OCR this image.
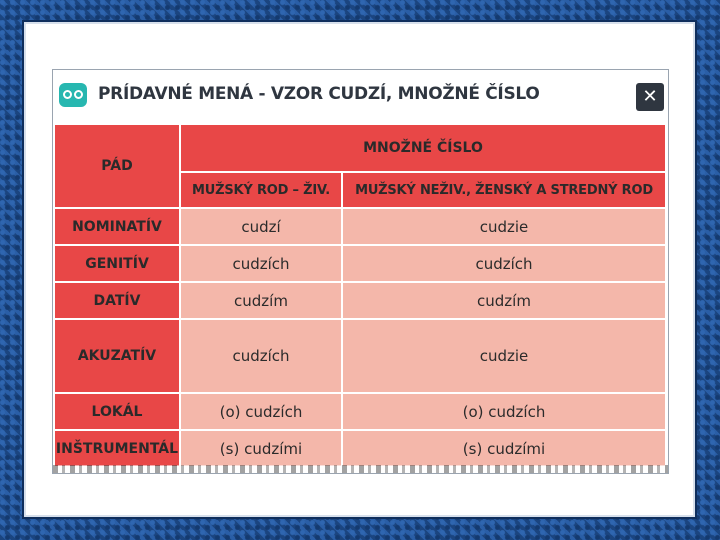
PRÍDAVNÉ MENÁ - VZOR CUDZÍ, MNOŽNÉ ČÍSLO	✕
PÁD	MNOŽNÉ ČÍSLO	
	MUŽSKÝ ROD – ŽIV.	MUŽSKÝ NEŽIV., ŽENSKÝ A STREDNÝ ROD
NOMINATÍV	cudzí	cudzie
GENITÍV	cudzích	cudzích
DATÍV	cudzím	cudzím
AKUZATÍV	cudzích	cudzie
LOKÁL	(o) cudzích	(o) cudzích
INŠTRUMENTÁL	(s) cudzími	(s) cudzími
